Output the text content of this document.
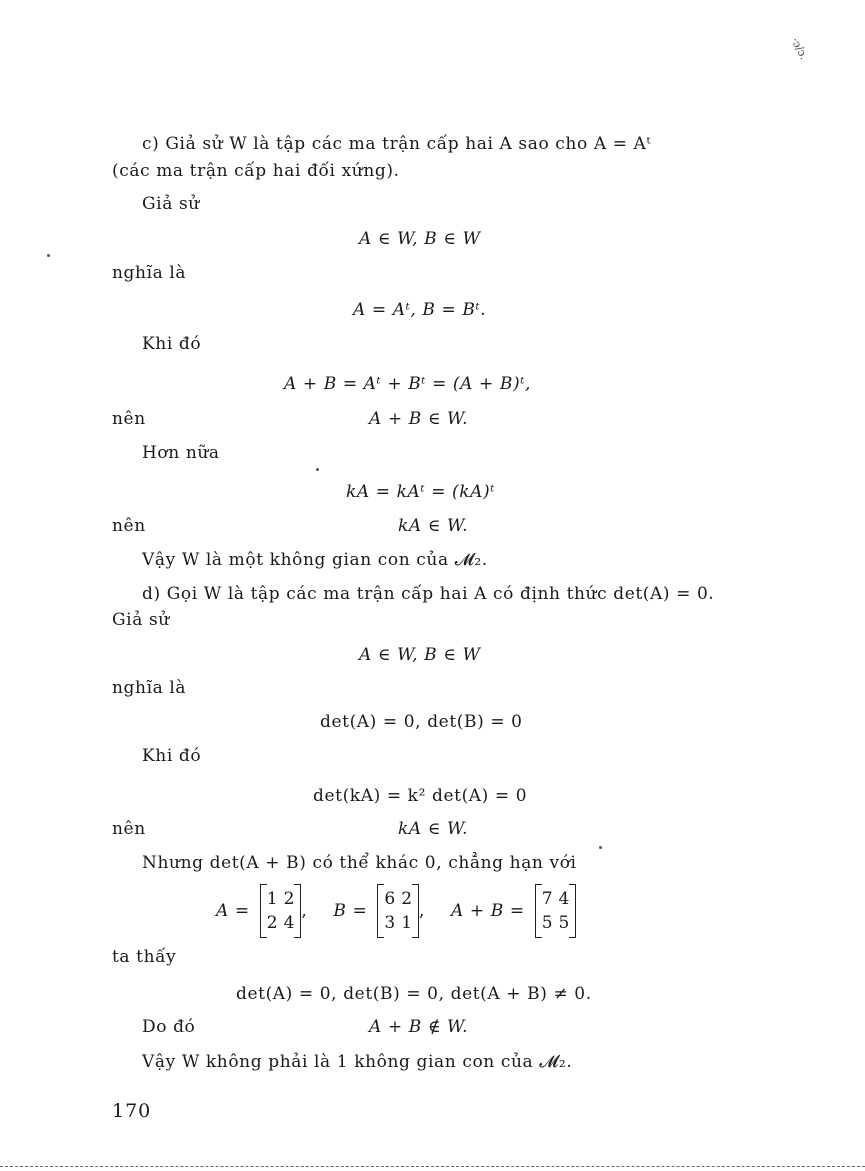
·ɔ/ɔ.
c) Giả sử W là tập các ma trận cấp hai A sao cho A = Aᵗ
(các ma trận cấp hai đối xứng).
Giả sử
A ∈ W, B ∈ W
nghĩa là
A = Aᵗ, B = Bᵗ.
Khi đó
A + B = Aᵗ + Bᵗ = (A + B)ᵗ,
nên	A + B ∈ W.
Hơn nữa
kA = kAᵗ = (kA)ᵗ
nên	kA ∈ W.
Vậy W là một không gian con của 𝓜₂.
d) Gọi W là tập các ma trận cấp hai A có định thức det(A) = 0.
Giả sử
A ∈ W, B ∈ W
nghĩa là
det(A) = 0, det(B) = 0
Khi đó
det(kA) = k² det(A) = 0
nên	kA ∈ W.
Nhưng det(A + B) có thể khác 0, chẳng hạn với
A =
1 2
2 4
, B =
6 2
3 1
, A + B =
7 4
5 5
ta thấy
det(A) = 0, det(B) = 0, det(A + B) ≠ 0.
Do đó	A + B ∉ W.
Vậy W không phải là 1 không gian con của 𝓜₂.
170
